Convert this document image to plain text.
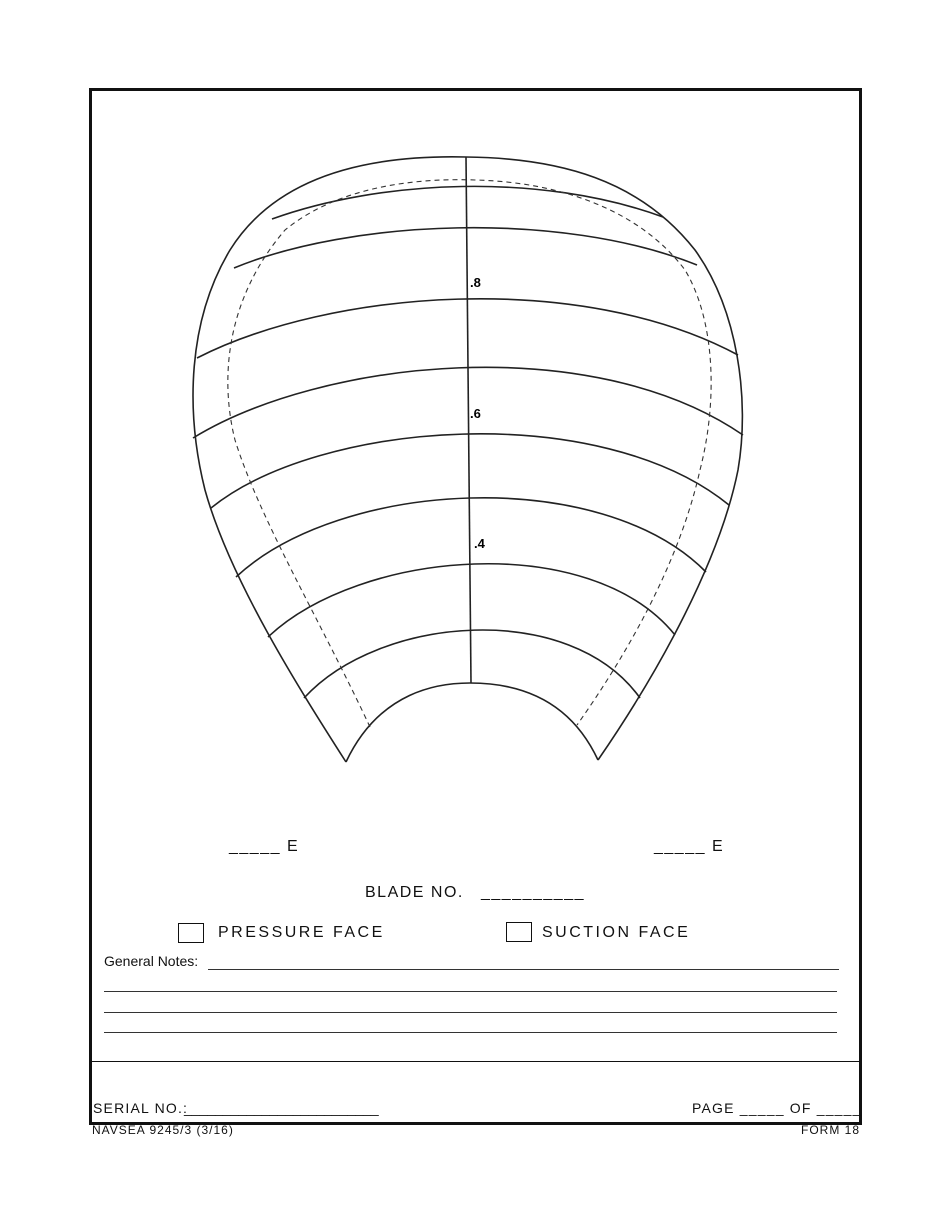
.8
.6
.4
_____ E	_____ E
BLADE NO. __________
PRESSURE FACE	SUCTION FACE
General Notes:
SERIAL NO.:
_________________________	PAGE _____ OF _____
NAVSEA 9245/3 (3/16)	FORM 18
